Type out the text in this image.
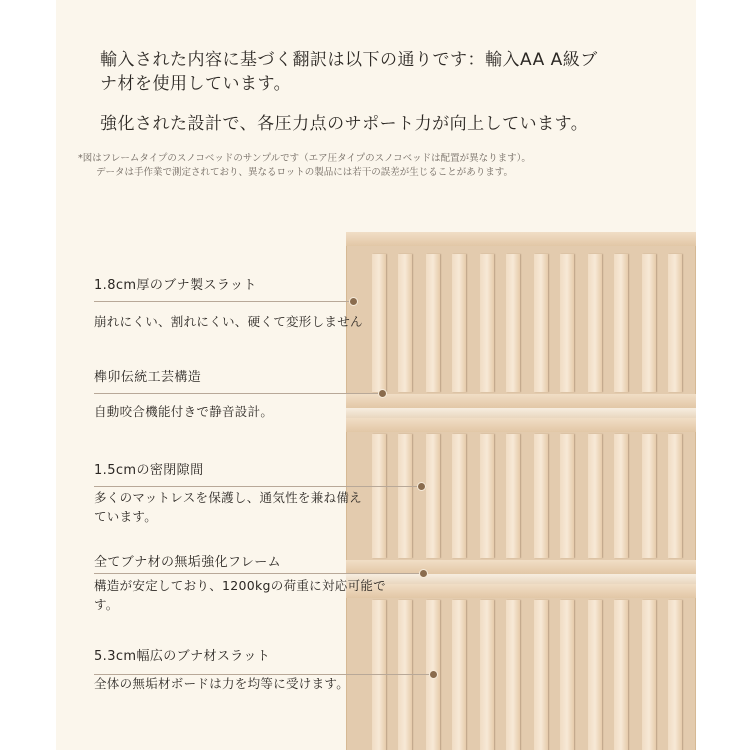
輸入された内容に基づく翻訳は以下の通りです：輸入AA A級ブナ材を使用しています。

強化された設計で、各圧力点のサポート力が向上しています。

*図はフレームタイプのスノコベッドのサンプルです（エア圧タイプのスノコベッドは配置が異なります）。
データは手作業で測定されており、異なるロットの製品には若干の誤差が生じることがあります。
1.8cm厚のブナ製スラット
崩れにくい、割れにくい、硬くて変形しません
榫卯伝統工芸構造
自動咬合機能付きで静音設計。
1.5cmの密閉隙間
多くのマットレスを保護し、通気性を兼ね備えています。
全てブナ材の無垢強化フレーム
構造が安定しており、1200kgの荷重に対応可能です。
5.3cm幅広のブナ材スラット
全体の無垢材ボードは力を均等に受けます。
